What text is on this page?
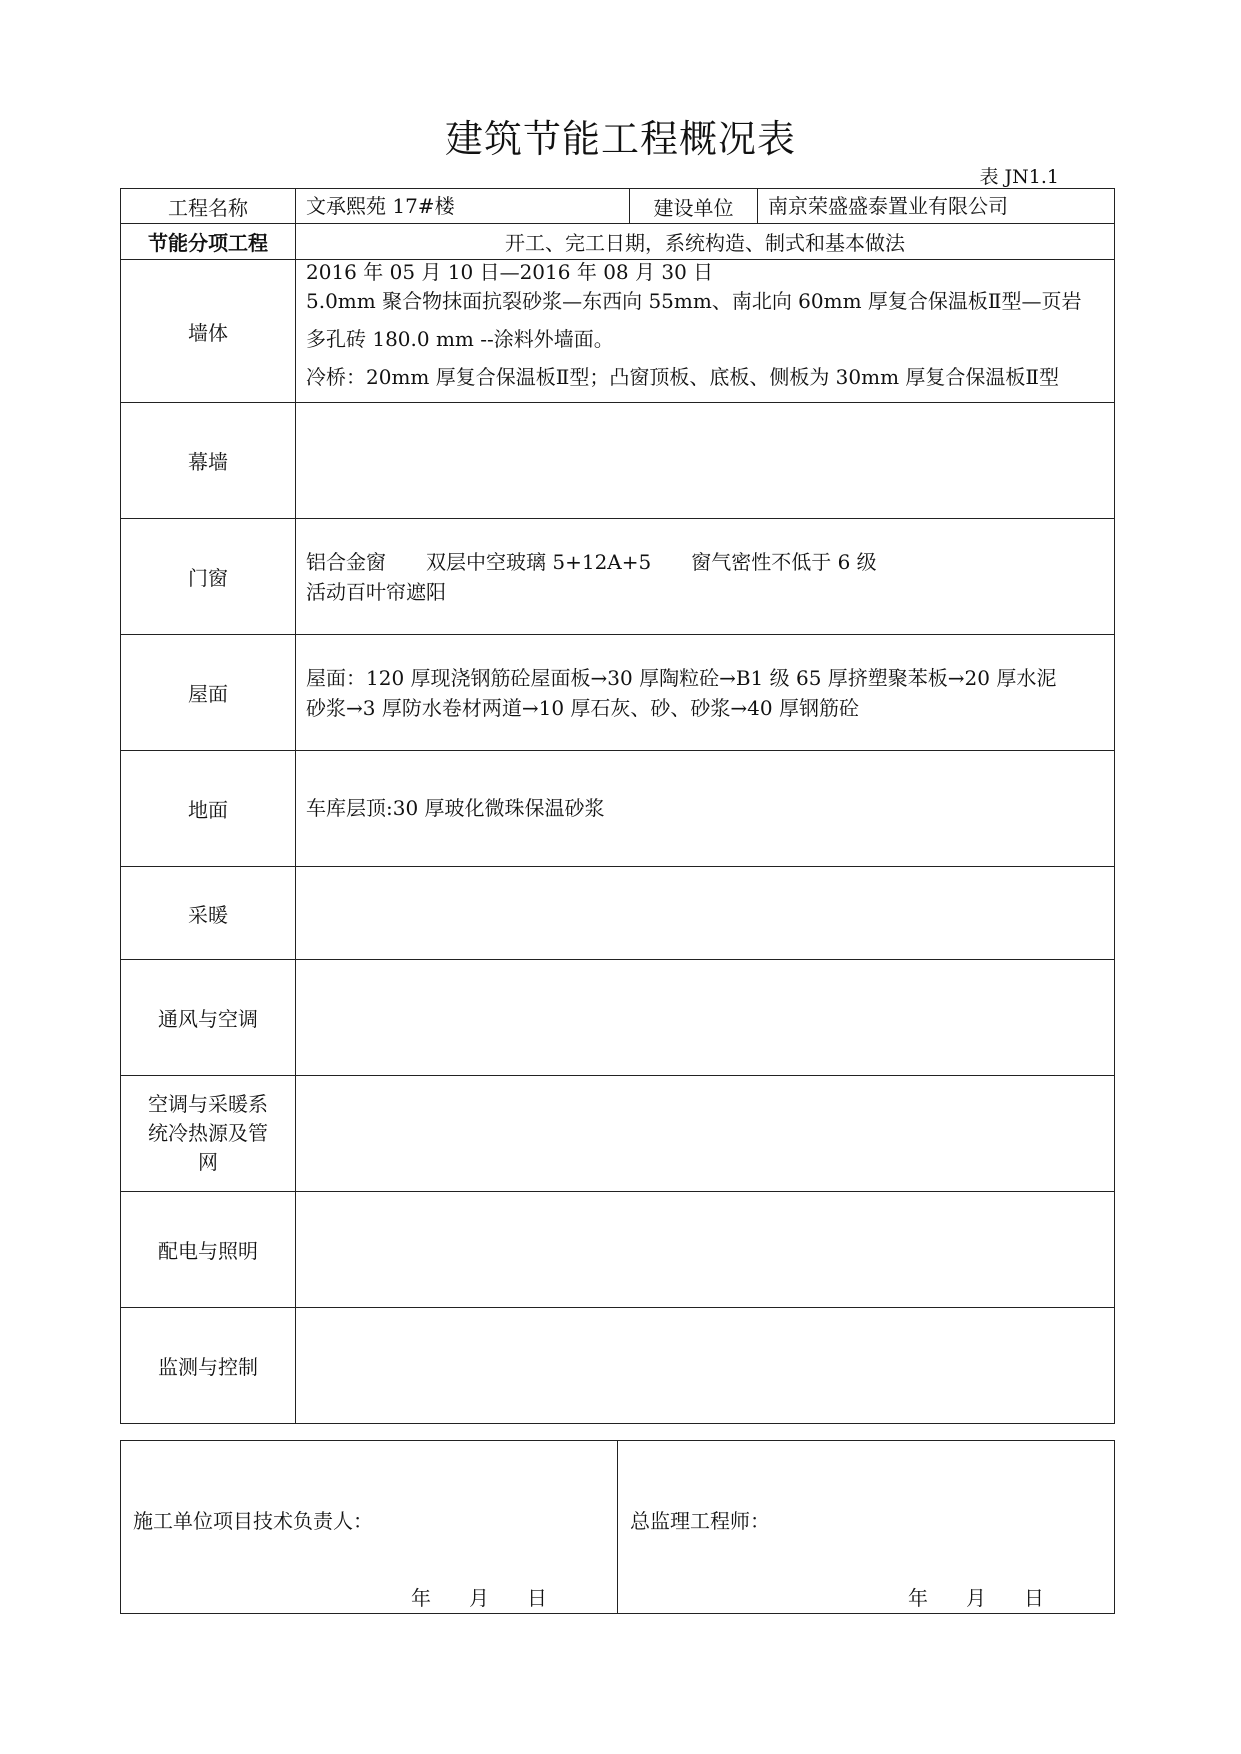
建筑节能工程概况表
表 JN1.1
工程名称	文承熙苑 17#楼	建设单位	南京荣盛盛泰置业有限公司
节能分项工程	开工、完工日期，系统构造、制式和基本做法		
墙体	2016 年 05 月 10 日—2016 年 08 月 30 日
5.0mm 聚合物抹面抗裂砂浆—东西向 55mm、南北向 60mm 厚复合保温板Ⅱ型—页岩
多孔砖 180.0 mm --涂料外墙面。
冷桥：20mm 厚复合保温板Ⅱ型；凸窗顶板、底板、侧板为 30mm 厚复合保温板Ⅱ型		

幕墙			
门窗	铝合金窗　　双层中空玻璃 5+12A+5　　窗气密性不低于 6 级
活动百叶帘遮阳		

屋面	屋面：120 厚现浇钢筋砼屋面板→30 厚陶粒砼→B1 级 65 厚挤塑聚苯板→20 厚水泥
砂浆→3 厚防水卷材两道→10 厚石灰、砂、砂浆→40 厚钢筋砼		

地面	车库层顶:30 厚玻化微珠保温砂浆		

采暖			
通风与空调			

空调与采暖系
统冷热源及管
网			

配电与照明			
监测与控制			
施工单位项目技术负责人：
年 月 日

总监理工程师：
年 月 日
